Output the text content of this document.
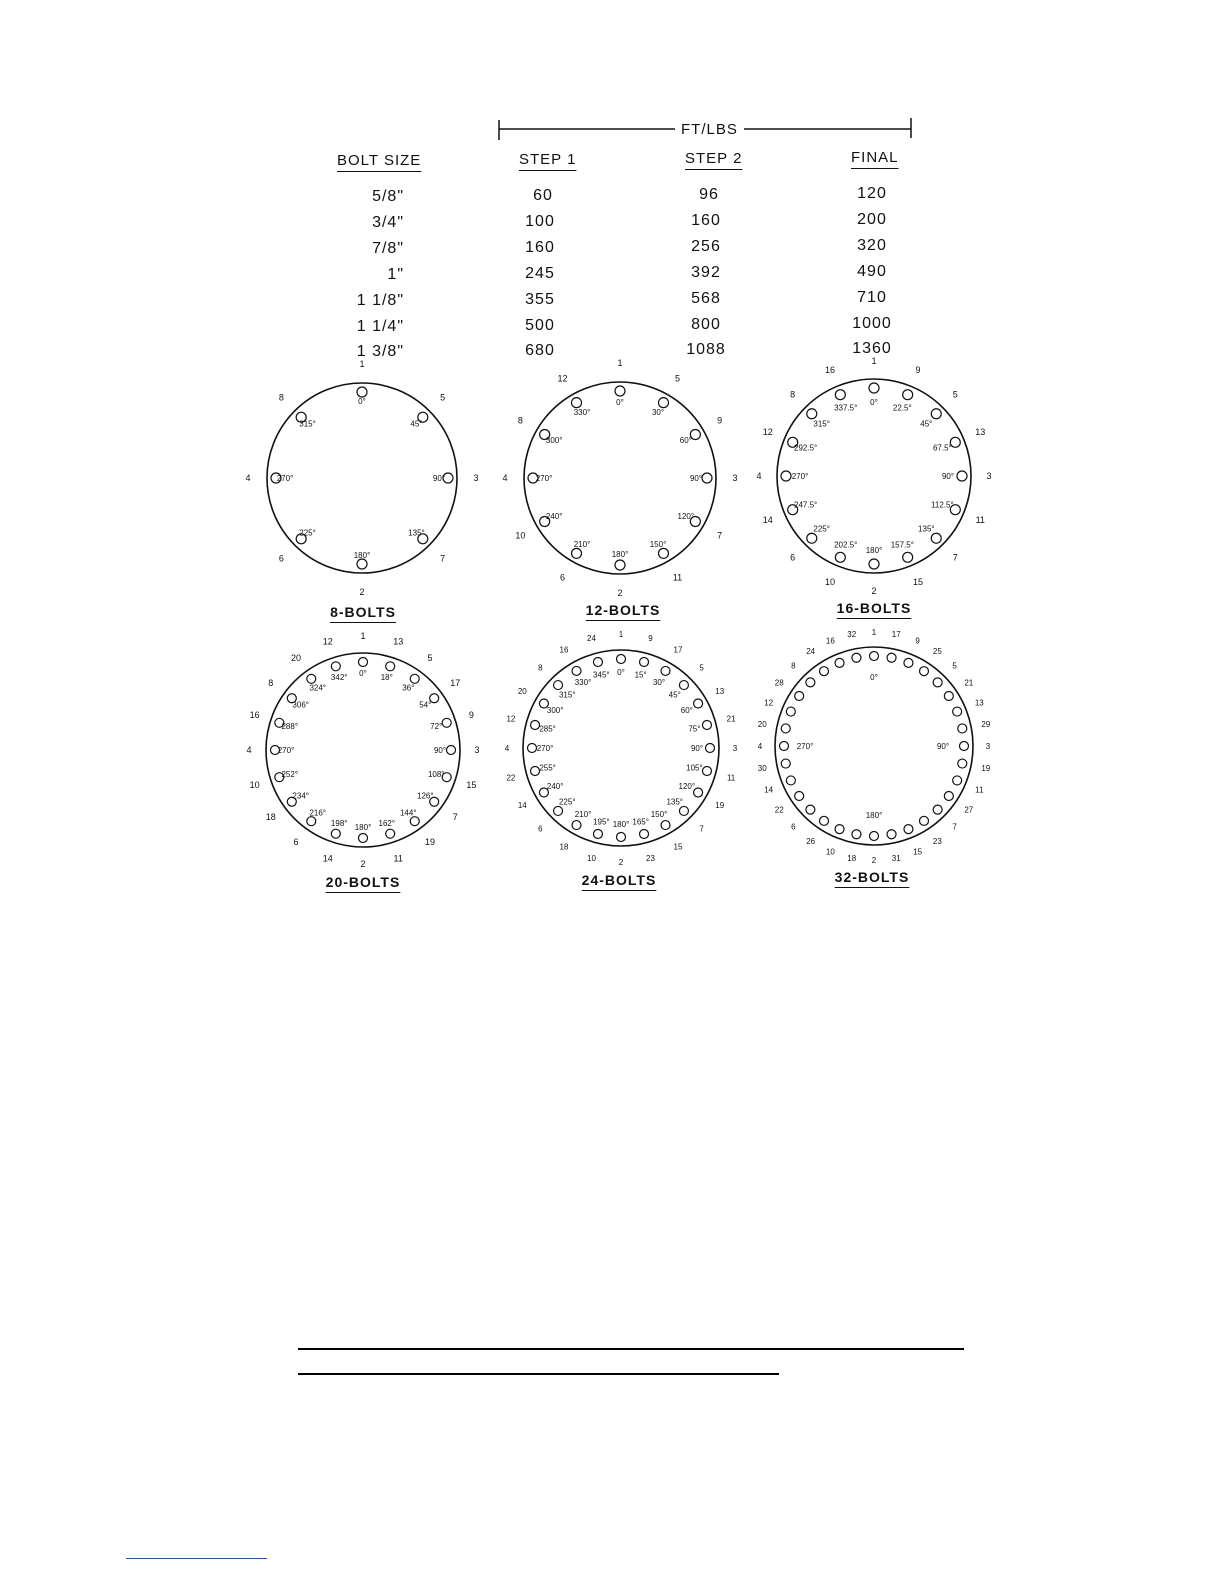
FT/LBS
BOLT SIZE	STEP 1	STEP 2	FINAL
5/8"	60	96	120
3/4"	100	160	200
7/8"	160	256	320
1"	245	392	490
1 1/8"	355	568	710
1 1/4"	500	800	1000
1 3/8"	680	1088	1360
1
0°	5
45°
3
90°
7
135°
2
180°
6
225°
4	270°
8
315°
1
0°
5
30°
9
60°
3
90°
7
120°
11
150°
2
180°
6
210°
10
240°
4	270°
8
300°
12
330°
1
0°
9
22.5°
5
45°
13
67.5°
3
90°
11
112.5°
7
135°
15
157.5°
2
180°
10
202.5°
6
225°
14
247.5°
4	270°
12
292.5°
8
315°
16
337.5°
1
0°
13
18°
5
36°
17
54°
9
72°
3
90°
15
108°
7
126°
19
144°
11
162°
2
180°
14
198°
6
216°
18
234°
10
252°
4	270°
16
288°
8
306°
20
324°
12
342°
1
0°
9
15°
17
30°
5
45°	13
60°
21
75°
3
90°
11
105°
19
120°
7
135°
15
150°
23
165°
2
180°
10
195°
18
210°
6
225°
14
240°
22
255°
4	270°
12
285°
20
300°
8
315°
16
330°
24
345°
1
0°
17
9
25
5
21
13
29
3
90°
19
11
27
7
23
15
31
2
180°
18
10
26
6
22
14
30
4	270°
20
12
28
8
24
16
32
8-BOLTS	12-BOLTS	16-BOLTS
20-BOLTS	24-BOLTS	32-BOLTS
